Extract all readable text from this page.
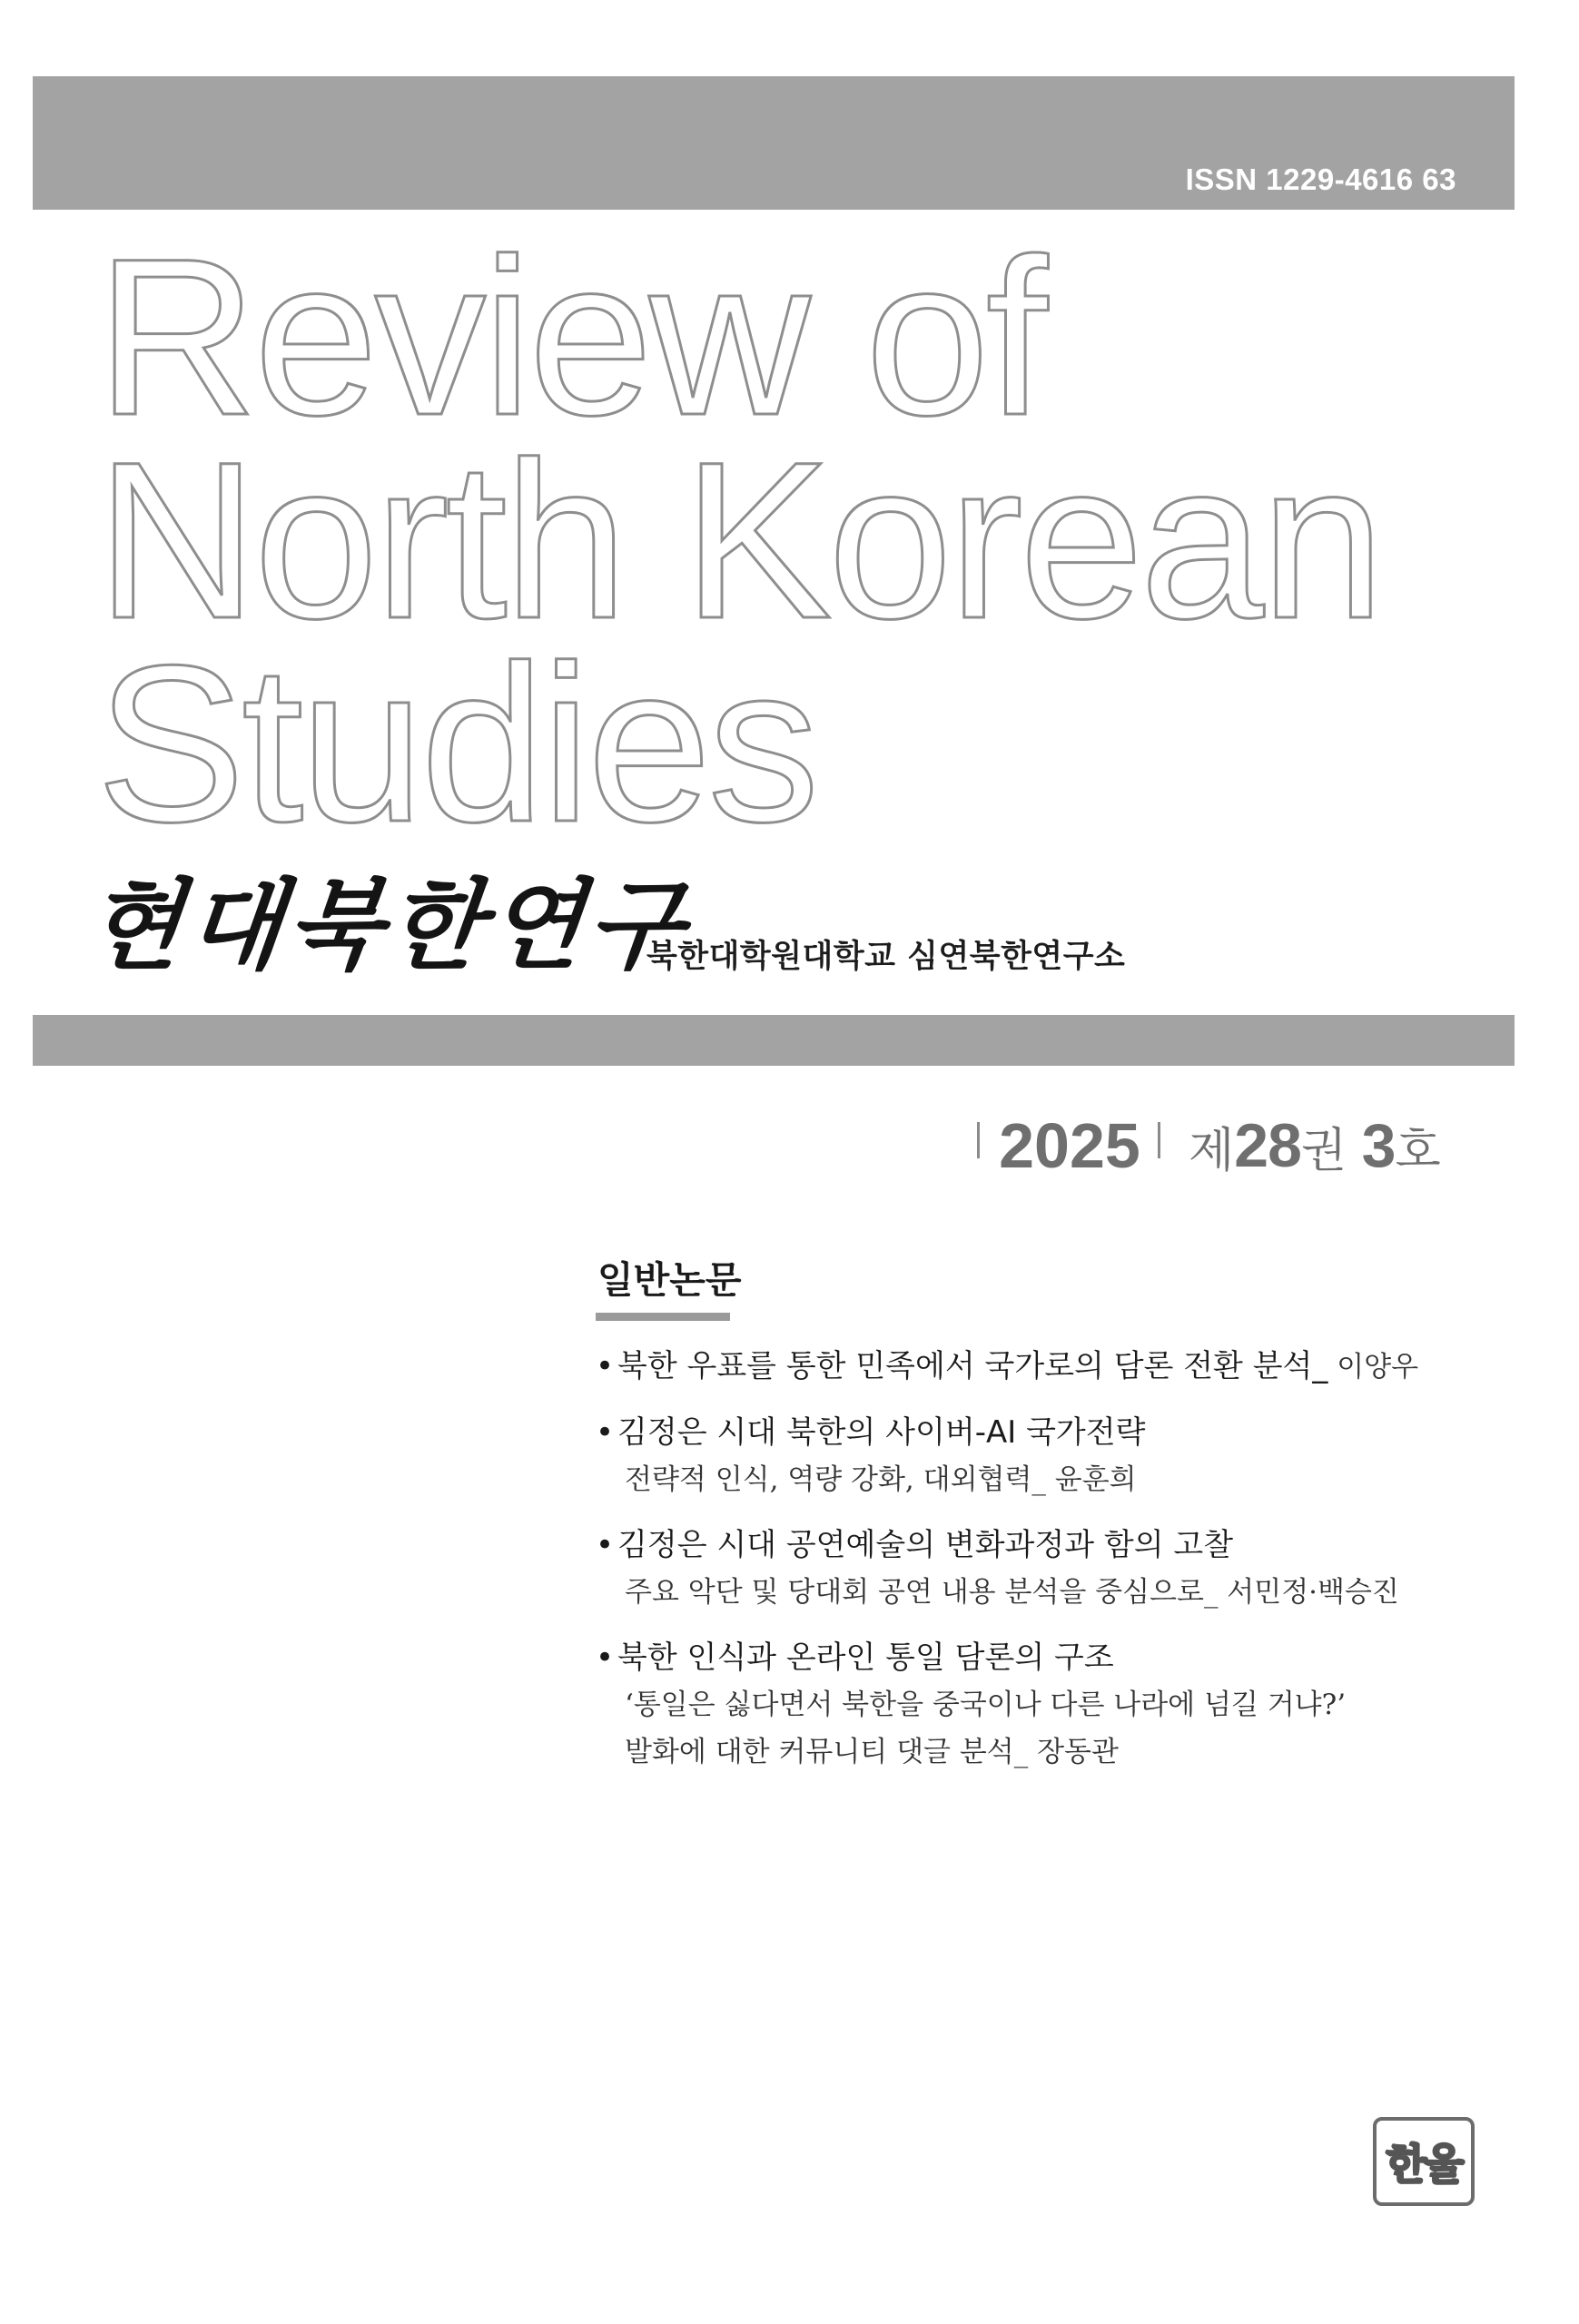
ISSN 1229-4616 63
Review of
North Korean
Studies
현대북한연구
북한대학원대학교 심연북한연구소
2025 제28권 3호
일반논문
• 북한 우표를 통한 민족에서 국가로의 담론 전환 분석_ 이양우
• 김정은 시대 북한의 사이버-AI 국가전략
전략적 인식, 역량 강화, 대외협력_ 윤훈희
• 김정은 시대 공연예술의 변화과정과 함의 고찰
주요 악단 및 당대회 공연 내용 분석을 중심으로_ 서민정·백승진
• 북한 인식과 온라인 통일 담론의 구조
‘통일은 싫다면서 북한을 중국이나 다른 나라에 넘길 거냐?’
발화에 대한 커뮤니티 댓글 분석_ 장동관
한울
